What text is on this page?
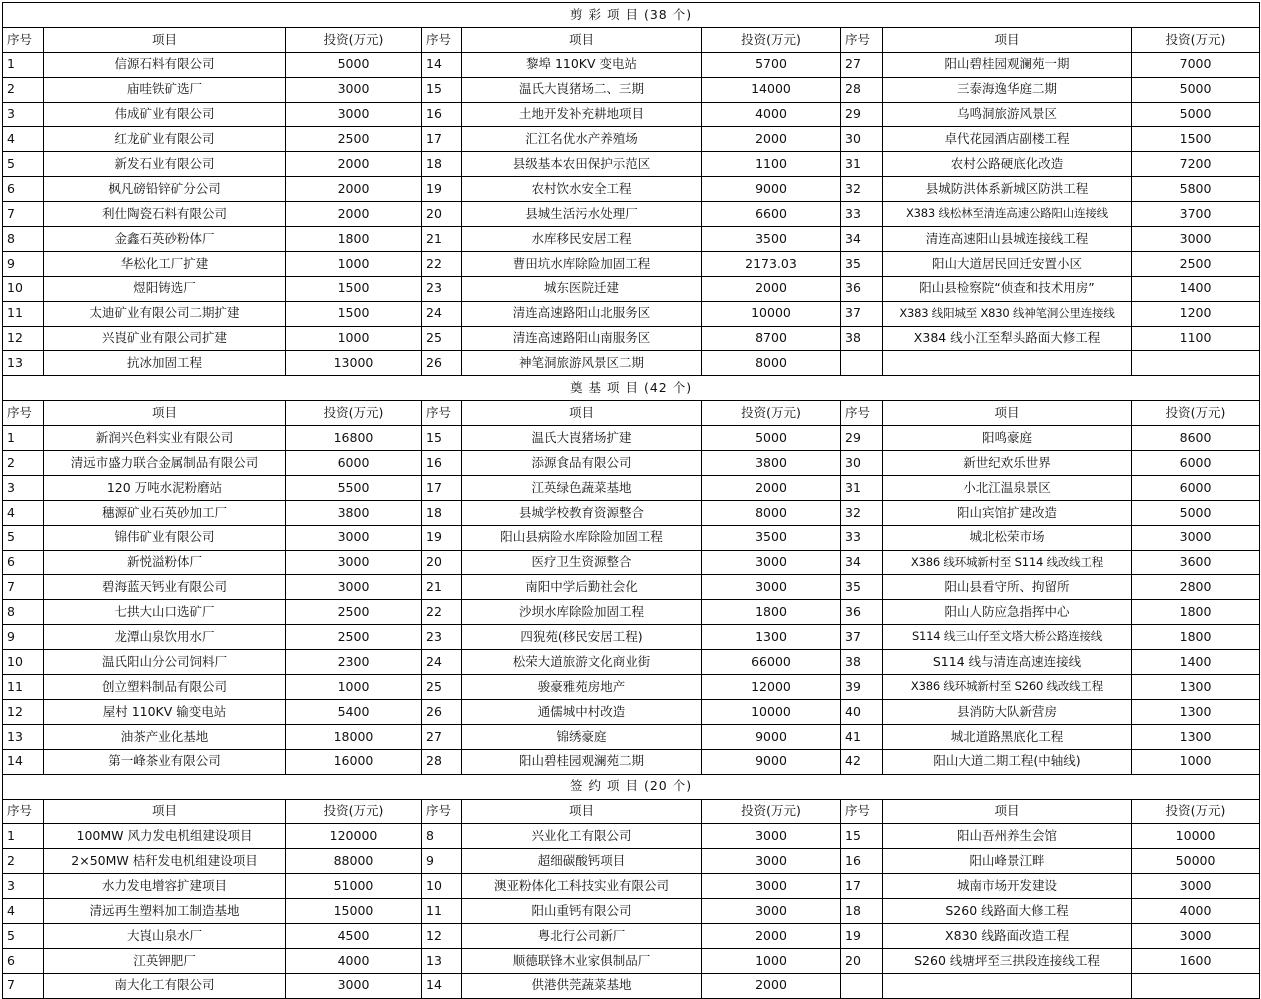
剪 彩 项 目 (38 个)								
序号	项目	投资(万元)	序号	项目	投资(万元)	序号	项目	投资(万元)
1	信源石料有限公司	5000	14	黎埠 110KV 变电站	5700	27	阳山碧桂园观澜苑一期	7000
2	庙哇铁矿选厂	3000	15	温氏大崀猪场二、三期	14000	28	三泰海逸华庭二期	5000
3	伟成矿业有限公司	3000	16	土地开发补充耕地项目	4000	29	乌鸣洞旅游风景区	5000
4	红龙矿业有限公司	2500	17	汇江名优水产养殖场	2000	30	卓代花园酒店副楼工程	1500
5	新发石业有限公司	2000	18	县级基本农田保护示范区	1100	31	农村公路硬底化改造	7200
6	枫凡磅铅锌矿分公司	2000	19	农村饮水安全工程	9000	32	县城防洪体系新城区防洪工程	5800
7	利仕陶瓷石料有限公司	2000	20	县城生活污水处理厂	6600	33	X383 线松林至清连高速公路阳山连接线	3700
8	金鑫石英砂粉体厂	1800	21	水库移民安居工程	3500	34	清连高速阳山县城连接线工程	3000
9	华松化工厂扩建	1000	22	曹田坑水库除险加固工程	2173.03	35	阳山大道居民回迁安置小区	2500
10	煜阳铸选厂	1500	23	城东医院迁建	2000	36	阳山县检察院“侦查和技术用房”	1400
11	太迪矿业有限公司二期扩建	1500	24	清连高速路阳山北服务区	10000	37	X383 线阳城至 X830 线神笔洞公里连接线	1200
12	兴崀矿业有限公司扩建	1000	25	清连高速路阳山南服务区	8700	38	X384 线小江至犁头路面大修工程	1100
13	抗冰加固工程	13000	26	神笔洞旅游风景区二期	8000			
奠 基 项 目 (42 个)								
序号	项目	投资(万元)	序号	项目	投资(万元)	序号	项目	投资(万元)
1	新润兴色料实业有限公司	16800	15	温氏大崀猪场扩建	5000	29	阳鸣豪庭	8600
2	清远市盛力联合金属制品有限公司	6000	16	添源食品有限公司	3800	30	新世纪欢乐世界	6000
3	120 万吨水泥粉磨站	5500	17	江英绿色蔬菜基地	2000	31	小北江温泉景区	6000
4	穗源矿业石英砂加工厂	3800	18	县城学校教育资源整合	8000	32	阳山宾馆扩建改造	5000
5	锦伟矿业有限公司	3000	19	阳山县病险水库除险加固工程	3500	33	城北松荣市场	3000
6	新悦溢粉体厂	3000	20	医疗卫生资源整合	3000	34	X386 线环城新村至 S114 线改线工程	3600
7	碧海蓝天钙业有限公司	3000	21	南阳中学后勤社会化	3000	35	阳山县看守所、拘留所	2800
8	七拱大山口选矿厂	2500	22	沙坝水库除险加固工程	1800	36	阳山人防应急指挥中心	1800
9	龙潭山泉饮用水厂	2500	23	四猊苑(移民安居工程)	1300	37	S114 线三山仔至文塔大桥公路连接线	1800
10	温氏阳山分公司饲料厂	2300	24	松荣大道旅游文化商业街	66000	38	S114 线与清连高速连接线	1400
11	创立塑料制品有限公司	1000	25	骏豪雅苑房地产	12000	39	X386 线环城新村至 S260 线改线工程	1300
12	屋村 110KV 输变电站	5400	26	通儒城中村改造	10000	40	县消防大队新营房	1300
13	油茶产业化基地	18000	27	锦绣豪庭	9000	41	城北道路黑底化工程	1300
14	第一峰茶业有限公司	16000	28	阳山碧桂园观澜苑二期	9000	42	阳山大道二期工程(中轴线)	1000
签 约 项 目 (20 个)								
序号	项目	投资(万元)	序号	项目	投资(万元)	序号	项目	投资(万元)
1	100MW 风力发电机组建设项目	120000	8	兴业化工有限公司	3000	15	阳山吾州养生会馆	10000
2	2×50MW 桔秆发电机组建设项目	88000	9	超细碳酸钙项目	3000	16	阳山峰景江畔	50000
3	水力发电增容扩建项目	51000	10	澳亚粉体化工科技实业有限公司	3000	17	城南市场开发建设	3000
4	清远再生塑料加工制造基地	15000	11	阳山重钙有限公司	3000	18	S260 线路面大修工程	4000
5	大崀山泉水厂	4500	12	粤北行公司新厂	2000	19	X830 线路面改造工程	3000
6	江英钾肥厂	4000	13	顺德联锋木业家俱制品厂	1000	20	S260 线塘坪至三拱段连接线工程	1600
7	南大化工有限公司	3000	14	供港供莞蔬菜基地	2000			
